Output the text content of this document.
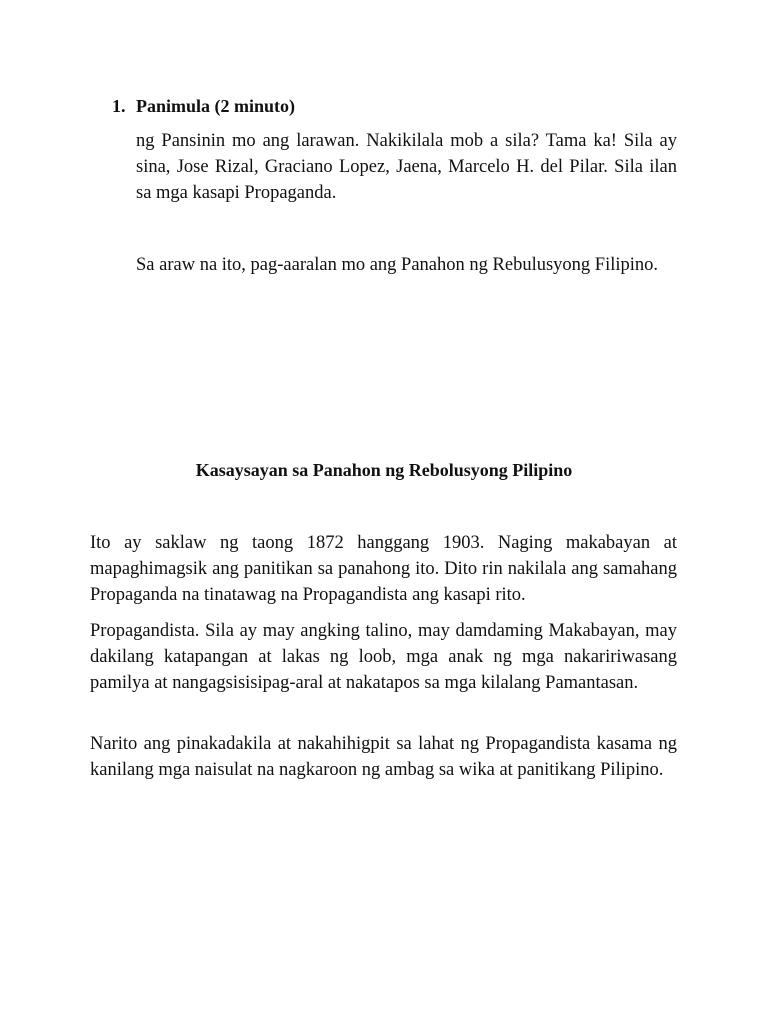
1. Panimula (2 minuto)

ng Pansinin mo ang larawan. Nakikilala mob a sila? Tama ka! Sila ay sina, Jose Rizal, Graciano Lopez, Jaena, Marcelo H. del Pilar. Sila ilan sa mga kasapi Propaganda.

Sa araw na ito, pag-aaralan mo ang Panahon ng Rebulusyong Filipino.

Kasaysayan sa Panahon ng Rebolusyong Pilipino

Ito ay saklaw ng taong 1872 hanggang 1903. Naging makabayan at mapaghimagsik ang panitikan sa panahong ito. Dito rin nakilala ang samahang Propaganda na tinatawag na Propagandista ang kasapi rito.

Propagandista. Sila ay may angking talino, may damdaming Makabayan, may dakilang katapangan at lakas ng loob, mga anak ng mga nakaririwasang pamilya at nangagsisisipag-aral at nakatapos sa mga kilalang Pamantasan.

Narito ang pinakadakila at nakahihigpit sa lahat ng Propagandista kasama ng kanilang mga naisulat na nagkaroon ng ambag sa wika at panitikang Pilipino.
